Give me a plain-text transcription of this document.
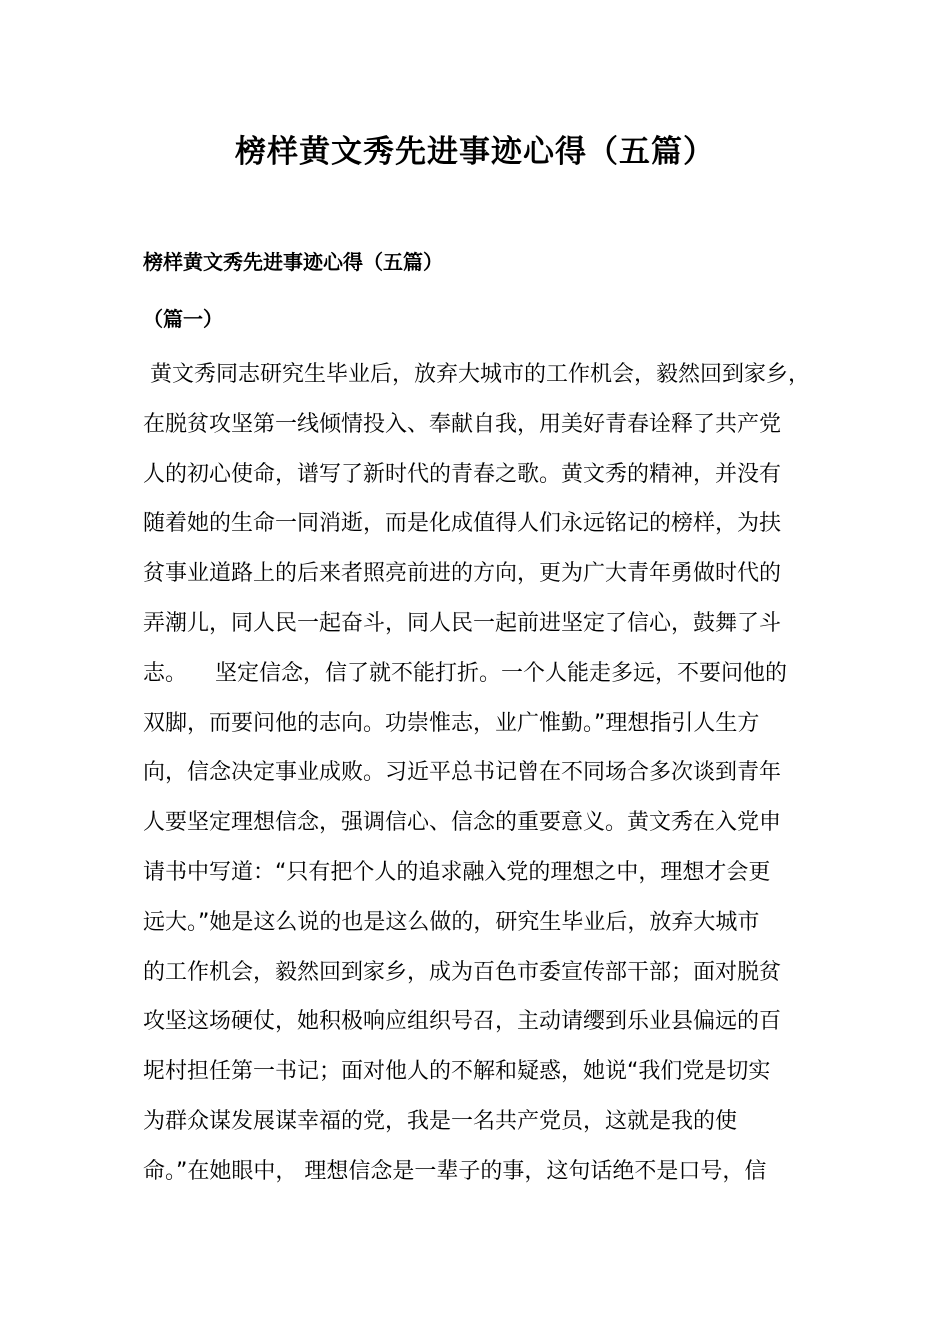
榜样黄文秀先进事迹心得（五篇）
榜样黄文秀先进事迹心得（五篇）
（篇一）
黄文秀同志研究生毕业后，放弃大城市的工作机会，毅然回到家乡，
在脱贫攻坚第一线倾情投入、奉献自我，用美好青春诠释了共产党
人的初心使命，谱写了新时代的青春之歌。黄文秀的精神，并没有
随着她的生命一同消逝，而是化成值得人们永远铭记的榜样，为扶
贫事业道路上的后来者照亮前进的方向，更为广大青年勇做时代的
弄潮儿，同人民一起奋斗，同人民一起前进坚定了信心，鼓舞了斗
志。    坚定信念，信了就不能打折。一个人能走多远，不要问他的
双脚，而要问他的志向。功崇惟志，业广惟勤。”理想指引人生方
向，信念决定事业成败。习近平总书记曾在不同场合多次谈到青年
人要坚定理想信念，强调信心、信念的重要意义。黄文秀在入党申
请书中写道：“只有把个人的追求融入党的理想之中，理想才会更
远大。”她是这么说的也是这么做的，研究生毕业后，放弃大城市
的工作机会，毅然回到家乡，成为百色市委宣传部干部；面对脱贫
攻坚这场硬仗，她积极响应组织号召，主动请缨到乐业县偏远的百
坭村担任第一书记；面对他人的不解和疑惑，她说“我们党是切实
为群众谋发展谋幸福的党，我是一名共产党员，这就是我的使
命。”在她眼中， 理想信念是一辈子的事，这句话绝不是口号，信
